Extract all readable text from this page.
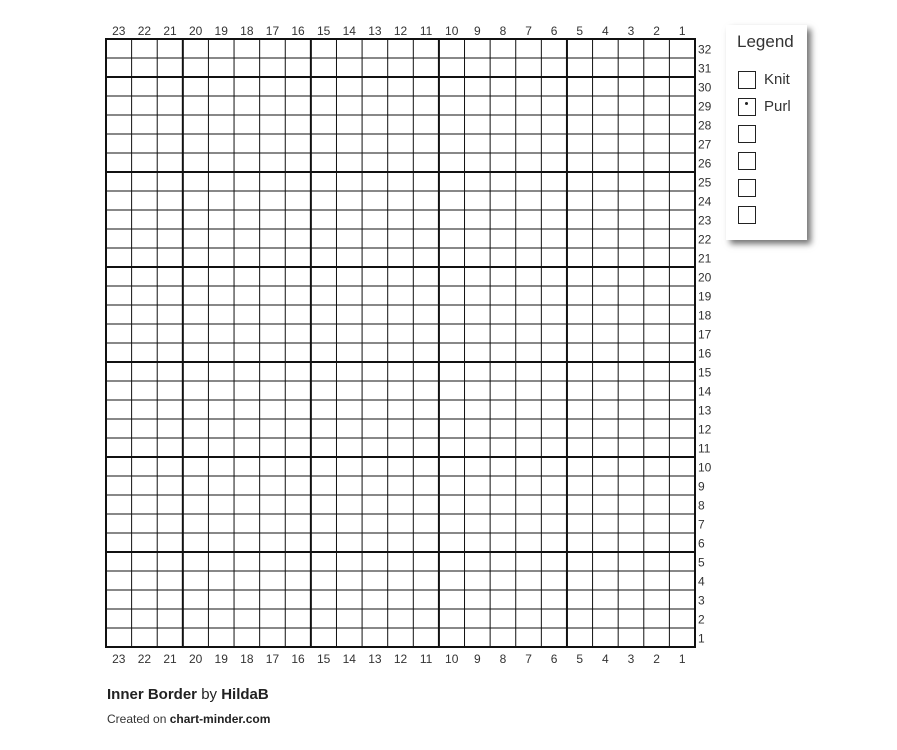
23 22 21 20 19 18 17 16 15 14 13 12 11 10 9 8 7 6 5 4 3 2 1
23 22 21 20 19 18 17 16 15 14 13 12 11 10 9 8 7 6 5 4 3 2 1
32
31
30
29
28
27
26
25
24
23
22
21
20
19
18
17
16
15
14
13
12
11
10
9
8
7
6
5
4
3
2
1
Legend
Knit
Purl
Inner Border by HildaB
Created on chart-minder.com
